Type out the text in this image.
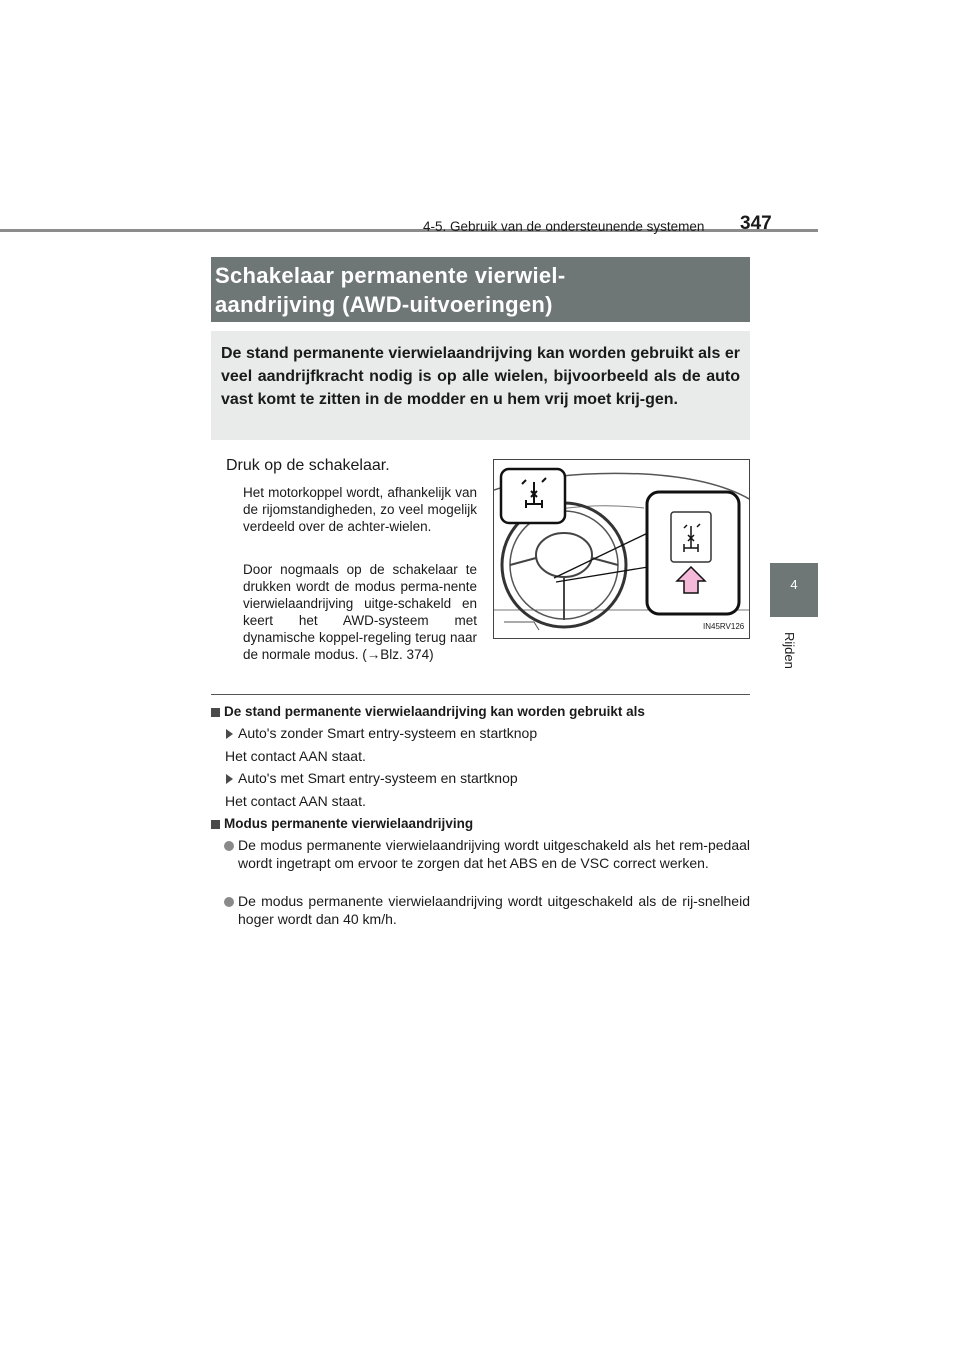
4-5. Gebruik van de ondersteunende systemen 347
4
Rijden
Schakelaar permanente vierwiel-
aandrijving (AWD-uitvoeringen)
De stand permanente vierwielaandrijving kan worden gebruikt als er veel aandrijfkracht nodig is op alle wielen, bijvoorbeeld als de auto vast komt te zitten in de modder en u hem vrij moet krij-gen.
Druk op de schakelaar.

Het motorkoppel wordt, afhankelijk van de rijomstandigheden, zo veel mogelijk verdeeld over de achter-wielen.

Door nogmaals op de schakelaar te drukken wordt de modus perma-nente vierwielaandrijving uitge-schakeld en keert het AWD-systeem met dynamische koppel-regeling terug naar de normale modus. (→Blz. 374)

IN45RV126
De stand permanente vierwielaandrijving kan worden gebruikt als
Auto's zonder Smart entry-systeem en startknop
Het contact AAN staat.
Auto's met Smart entry-systeem en startknop
Het contact AAN staat.
Modus permanente vierwielaandrijving

De modus permanente vierwielaandrijving wordt uitgeschakeld als het rem-pedaal wordt ingetrapt om ervoor te zorgen dat het ABS en de VSC correct werken.

De modus permanente vierwielaandrijving wordt uitgeschakeld als de rij-snelheid hoger wordt dan 40 km/h.
